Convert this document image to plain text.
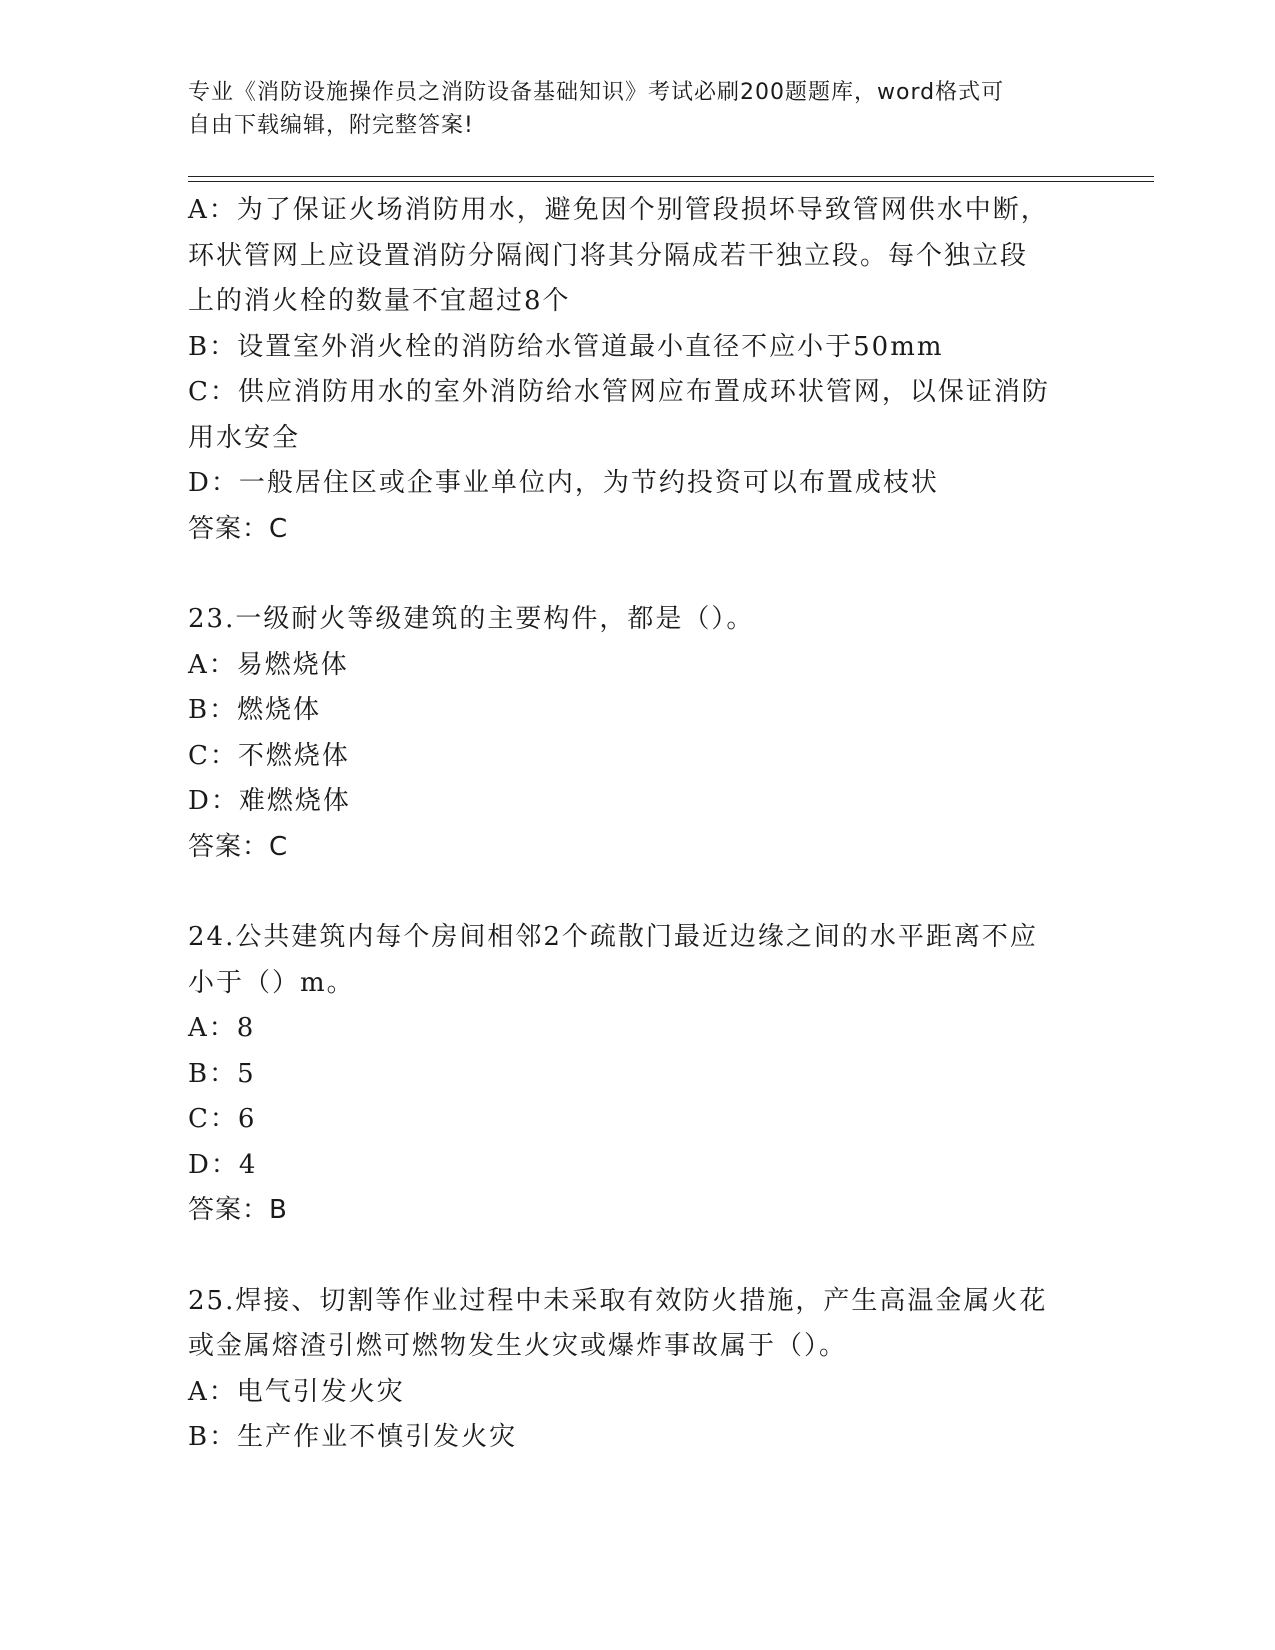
专业《消防设施操作员之消防设备基础知识》考试必刷200题题库，word格式可
自由下载编辑，附完整答案!
A：为了保证火场消防用水，避免因个别管段损坏导致管网供水中断，
环状管网上应设置消防分隔阀门将其分隔成若干独立段。每个独立段
上的消火栓的数量不宜超过8个
B：设置室外消火栓的消防给水管道最小直径不应小于50mm
C：供应消防用水的室外消防给水管网应布置成环状管网，以保证消防
用水安全
D：一般居住区或企事业单位内，为节约投资可以布置成枝状
答案：C
23.一级耐火等级建筑的主要构件，都是（）。
A：易燃烧体
B：燃烧体
C：不燃烧体
D：难燃烧体
答案：C
24.公共建筑内每个房间相邻2个疏散门最近边缘之间的水平距离不应
小于（）m。
A：8
B：5
C：6
D：4
答案：B
25.焊接、切割等作业过程中未采取有效防火措施，产生高温金属火花
或金属熔渣引燃可燃物发生火灾或爆炸事故属于（）。
A：电气引发火灾
B：生产作业不慎引发火灾
